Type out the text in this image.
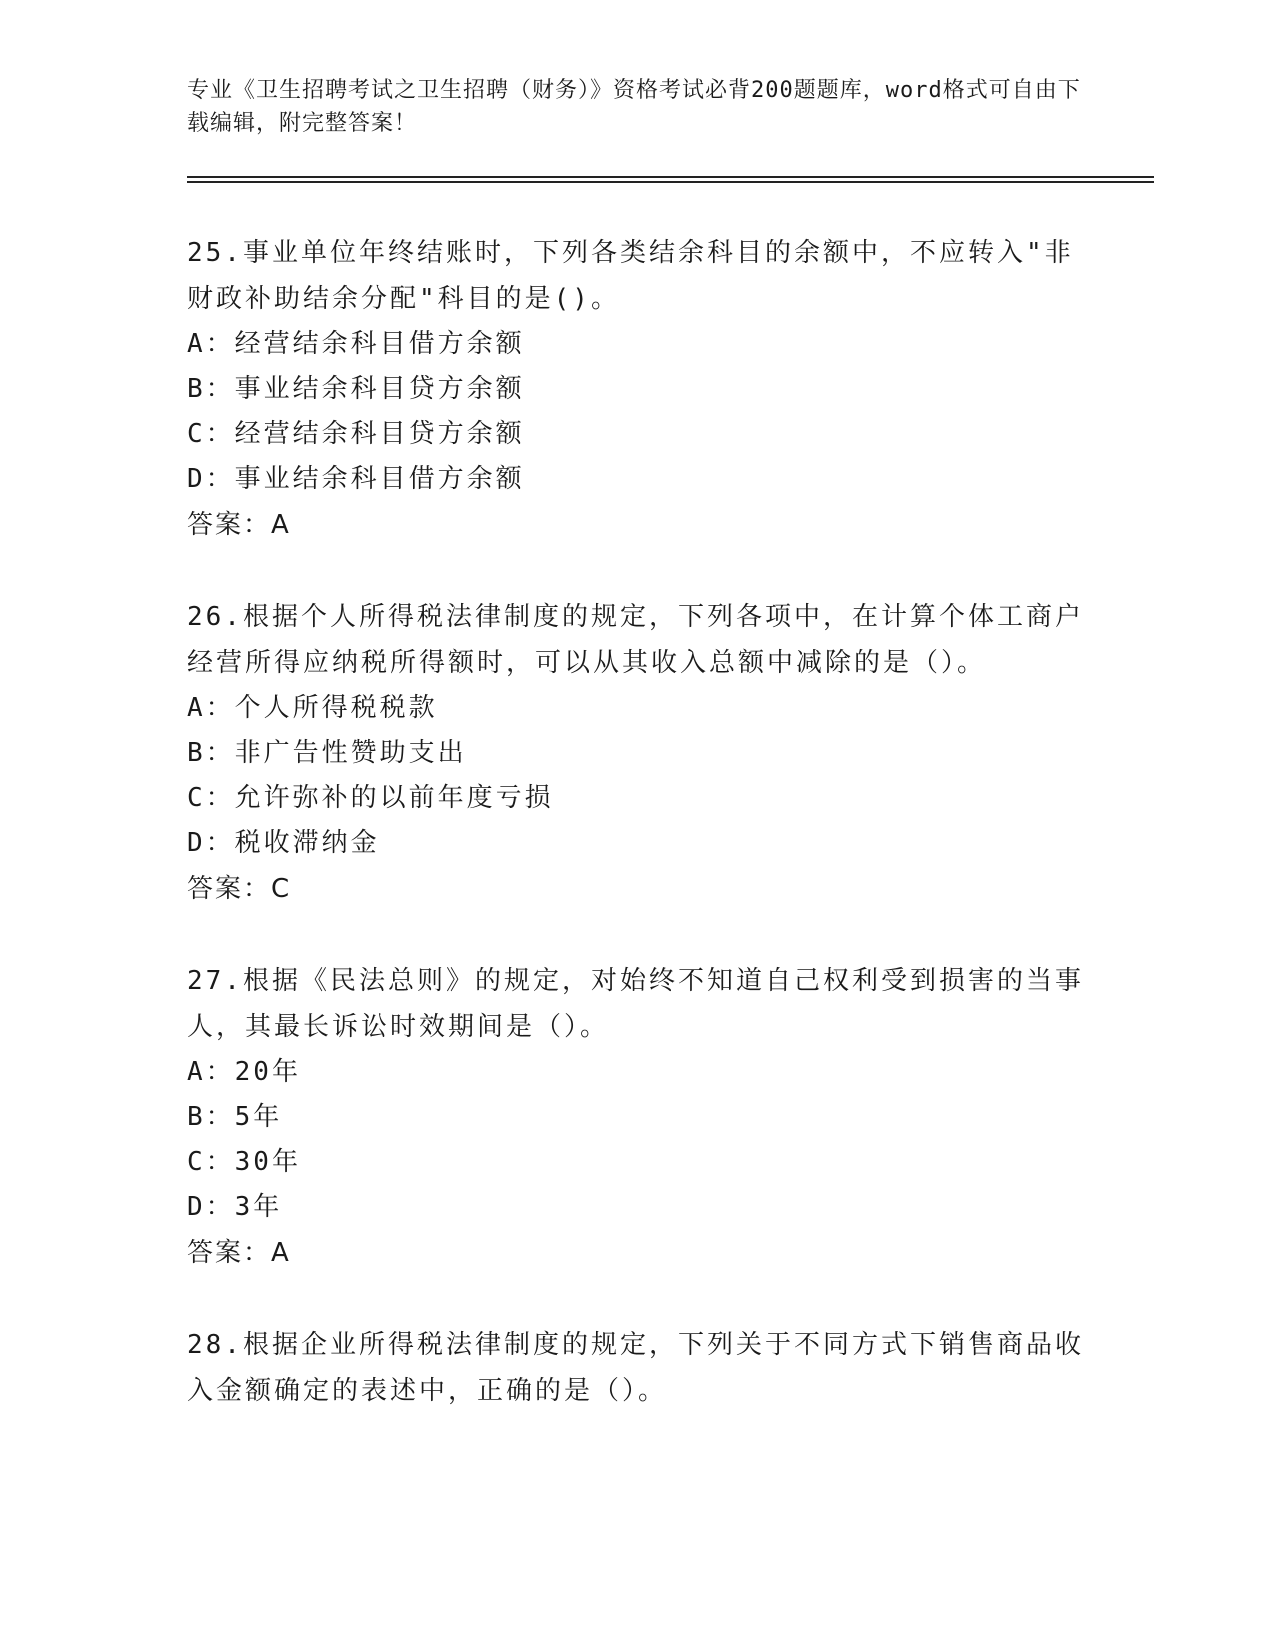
专业《卫生招聘考试之卫生招聘（财务）》资格考试必背200题题库，word格式可自由下载编辑，附完整答案！
25.事业单位年终结账时，下列各类结余科目的余额中，不应转入"非财政补助结余分配"科目的是()。
A：经营结余科目借方余额
B：事业结余科目贷方余额
C：经营结余科目贷方余额
D：事业结余科目借方余额
答案：A
26.根据个人所得税法律制度的规定，下列各项中，在计算个体工商户经营所得应纳税所得额时，可以从其收入总额中减除的是（）。
A：个人所得税税款
B：非广告性赞助支出
C：允许弥补的以前年度亏损
D：税收滞纳金
答案：C
27.根据《民法总则》的规定，对始终不知道自己权利受到损害的当事人，其最长诉讼时效期间是（）。
A：20年
B：5年
C：30年
D：3年
答案：A
28.根据企业所得税法律制度的规定，下列关于不同方式下销售商品收入金额确定的表述中，正确的是（）。
